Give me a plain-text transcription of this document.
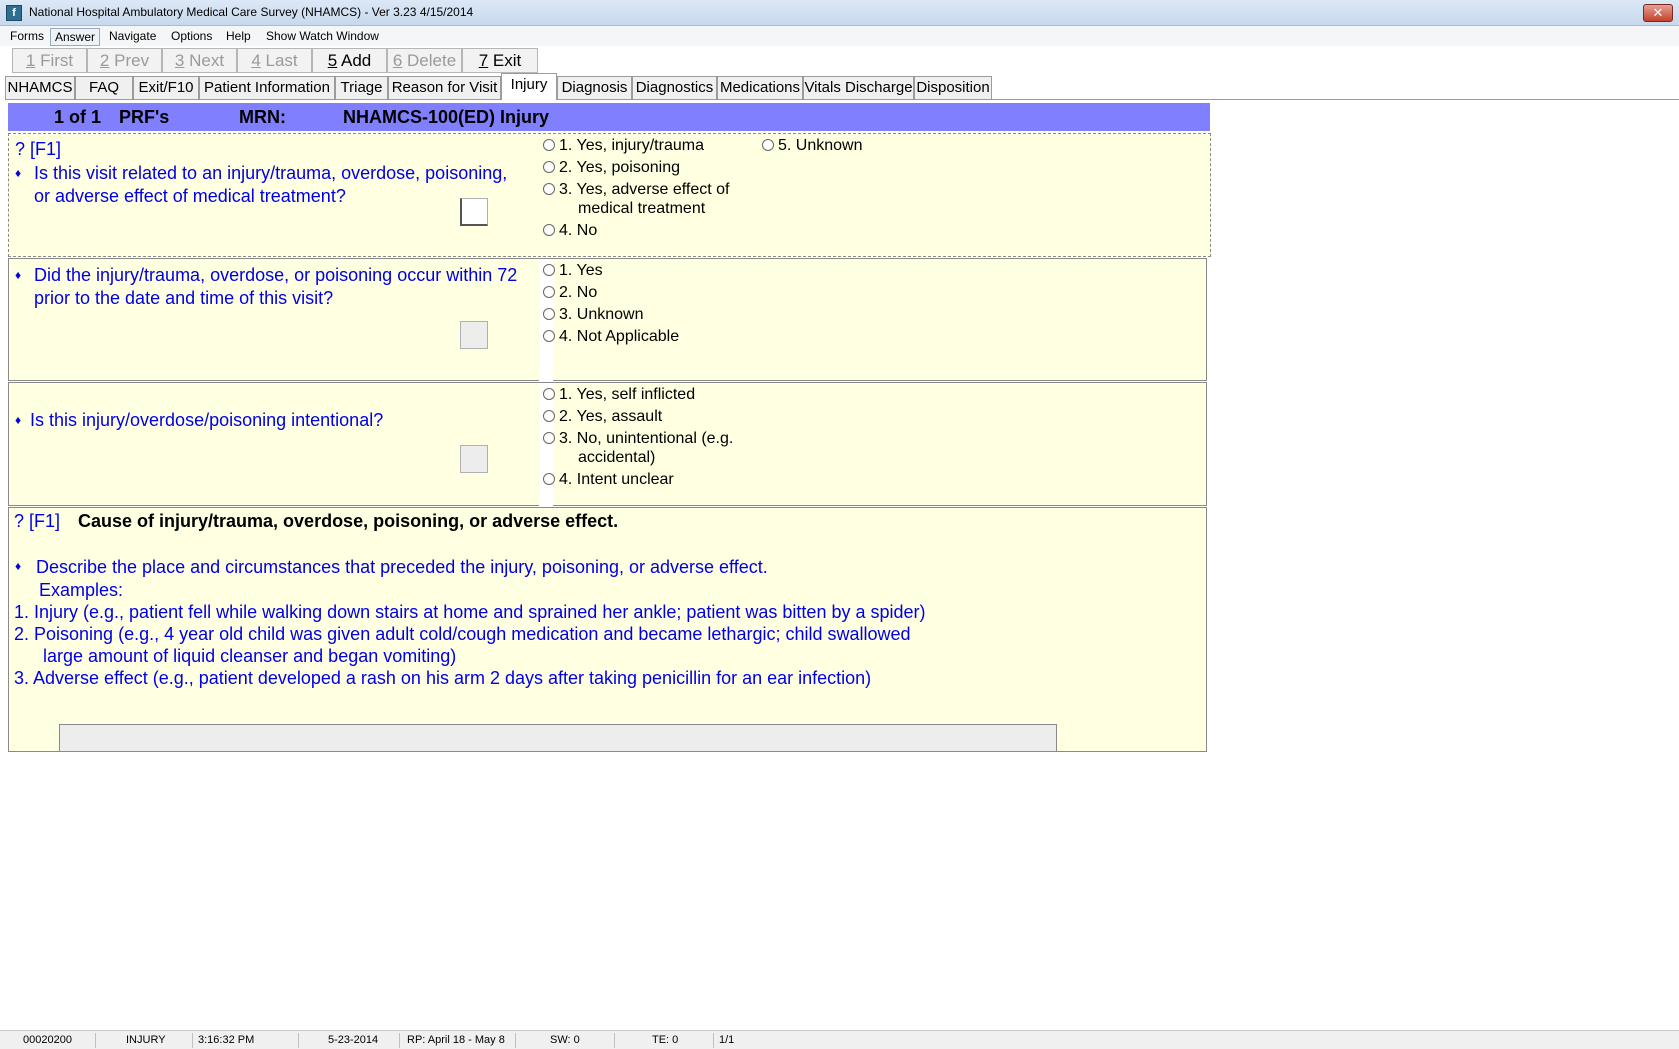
f	National Hospital Ambulatory Medical Care Survey (NHAMCS) - Ver 3.23 4/15/2014	✕
Forms Answer	Navigate	Options	Help	Show Watch Window
1 First	2 Prev	3 Next	4 Last	5 Add	6 Delete	7 Exit
NHAMCS	FAQ	Exit/F10 Patient Information Triage Reason for Visit Injury Diagnosis Diagnostics Medications Vitals Discharge Disposition
1 of 1 PRF's	MRN:	NHAMCS-100(ED) Injury
? [F1]
♦ Is this visit related to an injury/trauma, overdose, poisoning,
or adverse effect of medical treatment?
1. Yes, injury/trauma
2. Yes, poisoning
3. Yes, adverse effect of
medical treatment
4. No
5. Unknown
♦ Did the injury/trauma, overdose, or poisoning occur within 72
prior to the date and time of this visit?
1. Yes
2. No
3. Unknown
4. Not Applicable
♦ Is this injury/overdose/poisoning intentional?
1. Yes, self inflicted
2. Yes, assault
3. No, unintentional (e.g.
accidental)
4. Intent unclear
? [F1] Cause of injury/trauma, overdose, poisoning, or adverse effect.
♦ Describe the place and circumstances that preceded the injury, poisoning, or adverse effect.
Examples:
1. Injury (e.g., patient fell while walking down stairs at home and sprained her ankle; patient was bitten by a spider)
2. Poisoning (e.g., 4 year old child was given adult cold/cough medication and became lethargic; child swallowed
large amount of liquid cleanser and began vomiting)
3. Adverse effect (e.g., patient developed a rash on his arm 2 days after taking penicillin for an ear infection)
00020200	INJURY	3:16:32 PM	5-23-2014	RP: April 18 - May 8	SW: 0	TE: 0	1/1
